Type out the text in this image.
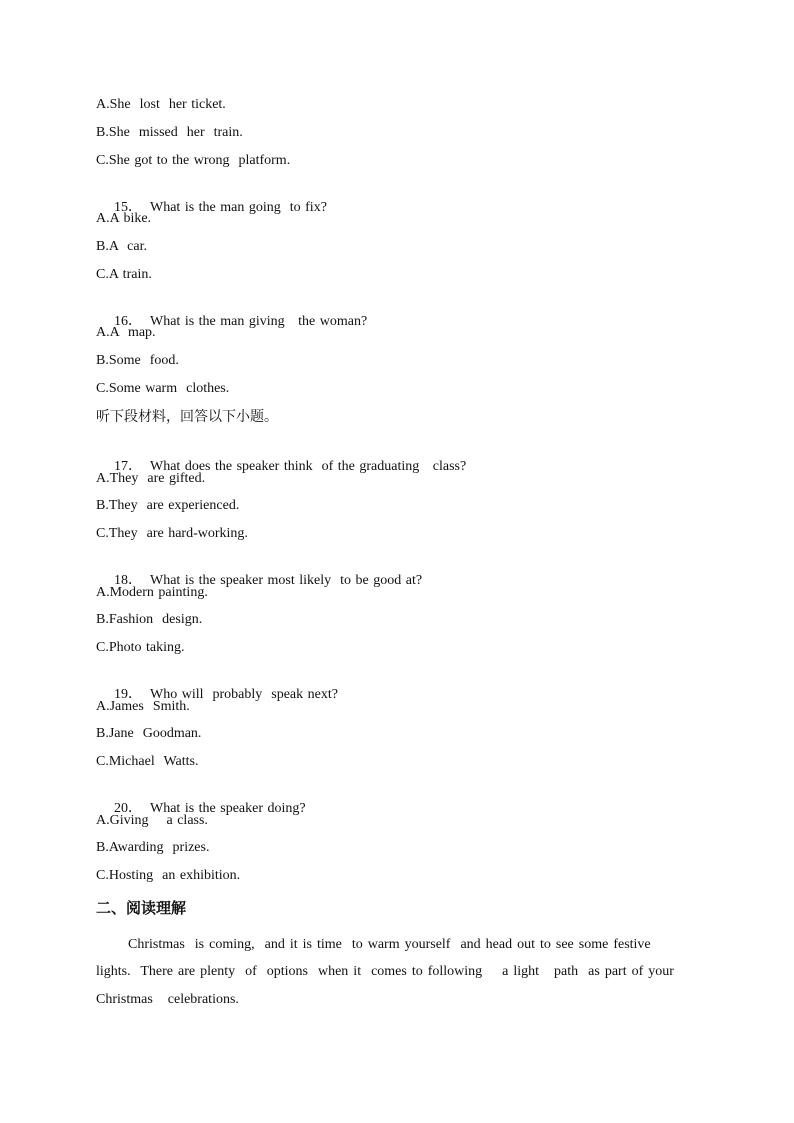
A.She  lost  her ticket.
B.She  missed  her  train.
C.She got to the wrong  platform.

15． What is the man going  to fix?

A.A bike.
B.A  car.
C.A train.

16． What is the man giving   the woman?

A.A  map.
B.Some  food.
C.Some warm  clothes.
听下段材料，回答以下小题。

17． What does the speaker think  of the graduating   class?

A.They  are gifted.
B.They  are experienced.
C.They  are hard-working.

18． What is the speaker most likely  to be good at?

A.Modern painting.
B.Fashion  design.
C.Photo taking.

19． Who will  probably  speak next?

A.James  Smith.
B.Jane  Goodman.
C.Michael  Watts.

20． What is the speaker doing?

A.Giving    a class.
B.Awarding  prizes.
C.Hosting  an exhibition.
二、阅读理解
Christmas  is coming,  and it is time  to warm yourself  and head out to see some festive
lights.  There are plenty  of  options  when it  comes to following    a light   path  as part of your
Christmas   celebrations.
